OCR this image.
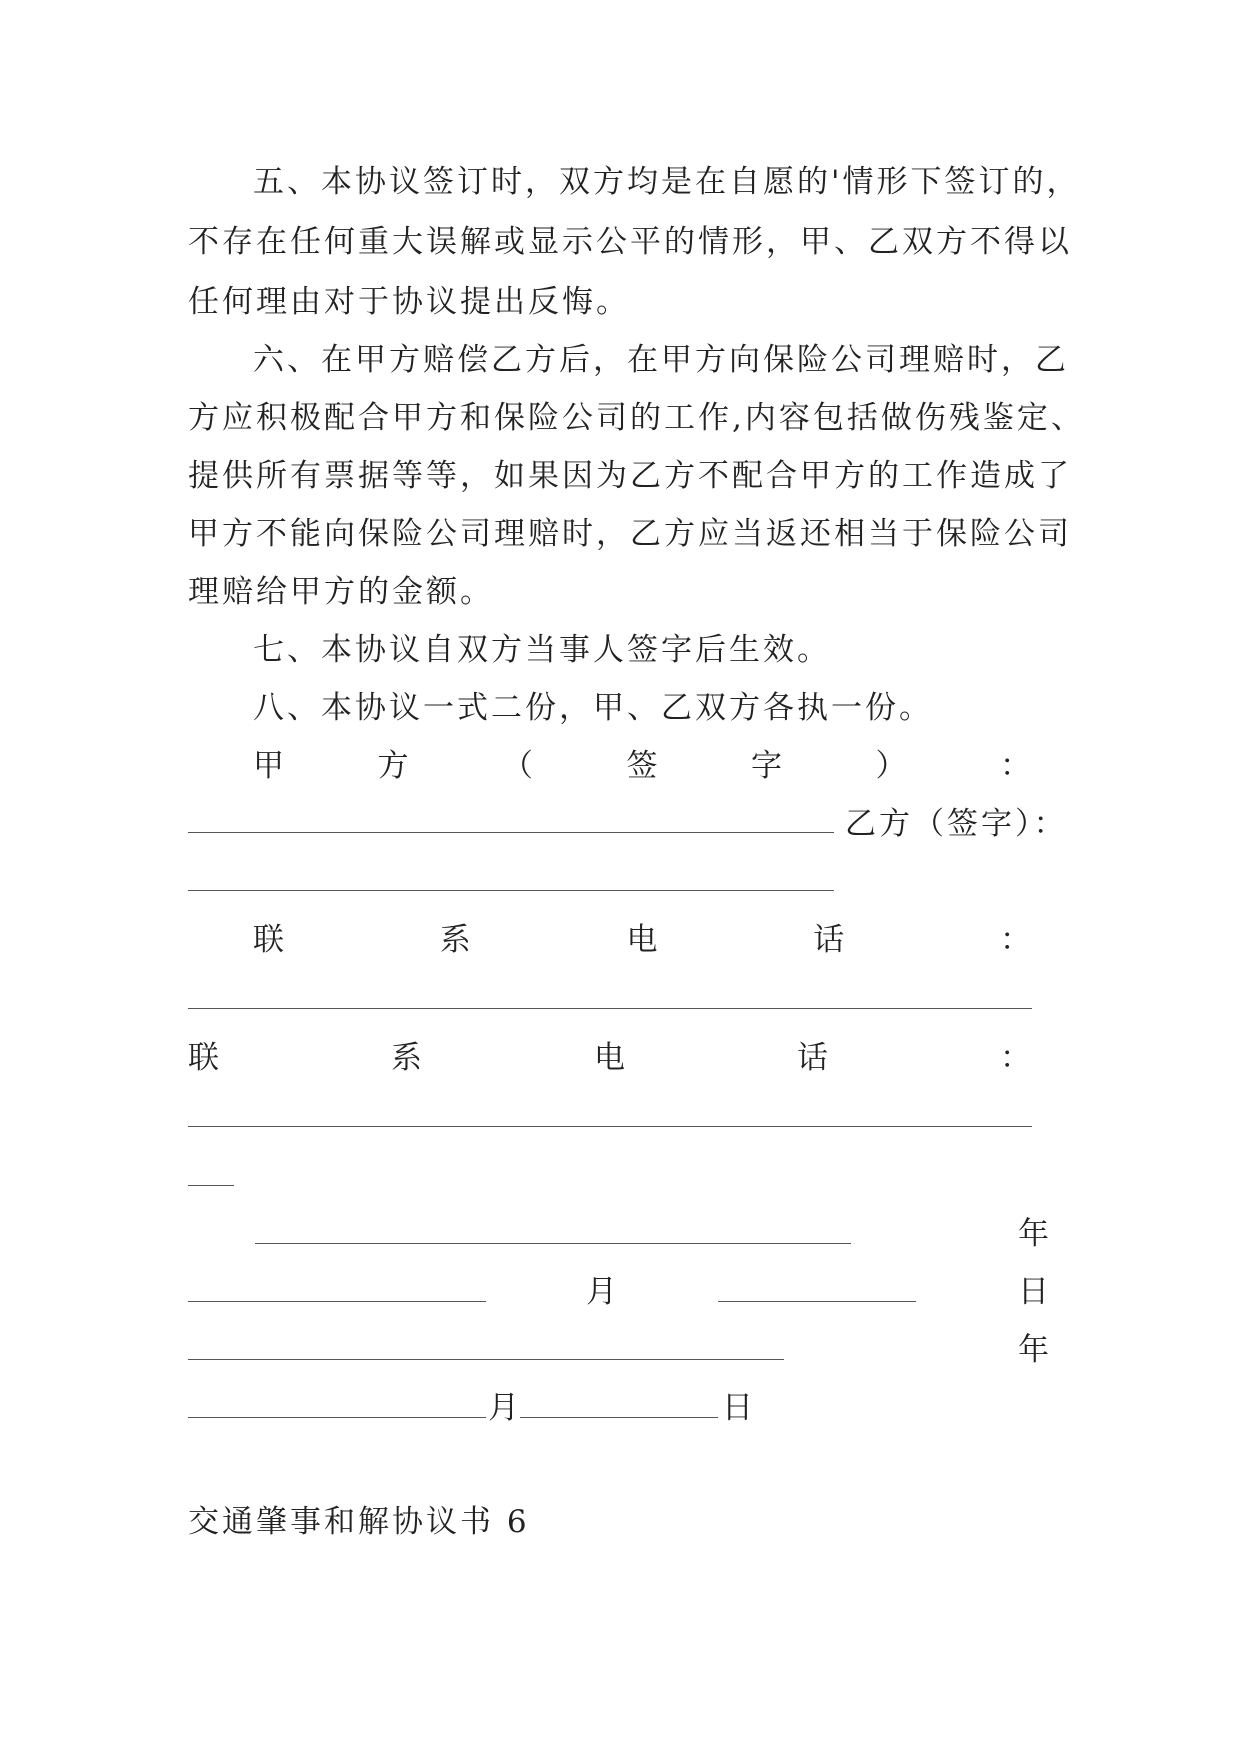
五、本协议签订时，双方均是在自愿的'情形下签订的，
不存在任何重大误解或显示公平的情形，甲、乙双方不得以
任何理由对于协议提出反悔。
六、在甲方赔偿乙方后，在甲方向保险公司理赔时，乙
方应积极配合甲方和保险公司的工作,内容包括做伤残鉴定、
提供所有票据等等，如果因为乙方不配合甲方的工作造成了
甲方不能向保险公司理赔时，乙方应当返还相当于保险公司
理赔给甲方的金额。
七、本协议自双方当事人签字后生效。
八、本协议一式二份，甲、乙双方各执一份。
甲	方	（	签	字	）	：
乙方（签字）：
联	系	电	话	：
联	系	电	话	：
年
月	日
年
月	日
交通肇事和解协议书 6
